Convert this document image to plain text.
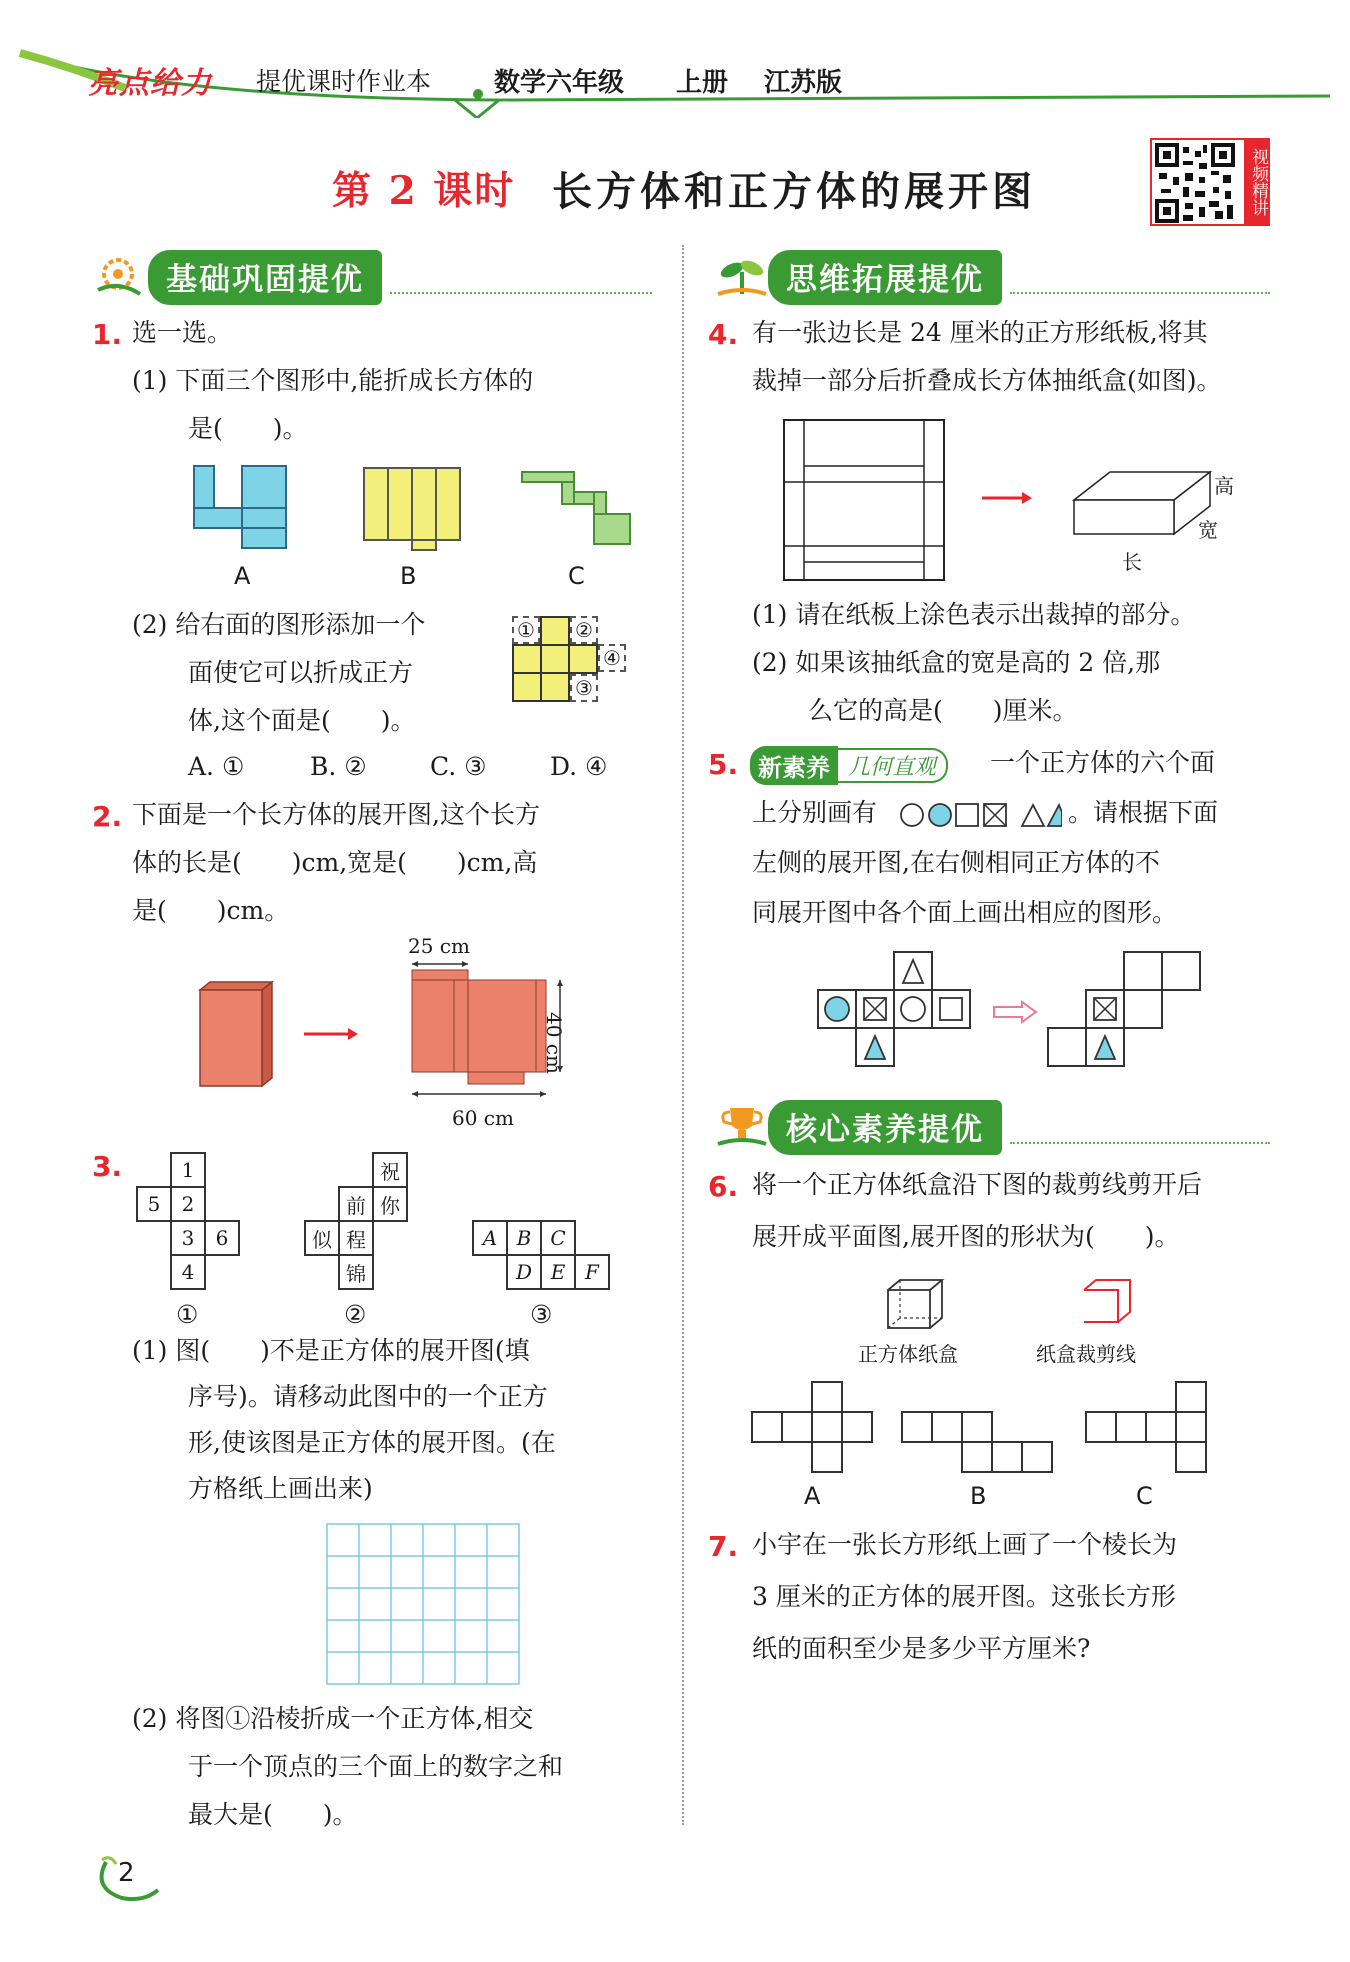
亮点给力 提优课时作业本 数学六年级 上册 江苏版
第 2 课时 长方体和正方体的展开图	视频精讲
基础巩固提优
1. 选一选。
(1) 下面三个图形中,能折成长方体的
是(　　)。
A	B	C
(2) 给右面的图形添加一个
面使它可以折成正方
体,这个面是(　　)。
① ②
④
③
A. ①	B. ②	C. ③	D. ④
2. 下面是一个长方体的展开图,这个长方
体的长是(　　)cm,宽是(　　)cm,高
是(　　)cm。
25 cm
40 cm
60 cm
3.	1
5	2
3	6
4
①
祝
前 你
似 程
锦
②
A B C
D E F
③
(1) 图(　　)不是正方体的展开图(填
序号)。请移动此图中的一个正方
形,使该图是正方体的展开图。(在
方格纸上画出来)
(2) 将图①沿棱折成一个正方体,相交
于一个顶点的三个面上的数字之和
最大是(　　)。
思维拓展提优
4. 有一张边长是 24 厘米的正方形纸板,将其
裁掉一部分后折叠成长方体抽纸盒(如图)。
高
宽
长
(1) 请在纸板上涂色表示出裁掉的部分。
(2) 如果该抽纸盒的宽是高的 2 倍,那
么它的高是(　　)厘米。
5. 新素养 几何直观	一个正方体的六个面
上分别画有	。请根据下面
左侧的展开图,在右侧相同正方体的不
同展开图中各个面上画出相应的图形。
核心素养提优
6. 将一个正方体纸盒沿下图的裁剪线剪开后
展开成平面图,展开图的形状为(　　)。
正方体纸盒	纸盒裁剪线
A	B	C
7. 小宇在一张长方形纸上画了一个棱长为
3 厘米的正方体的展开图。这张长方形
纸的面积至少是多少平方厘米?
2
